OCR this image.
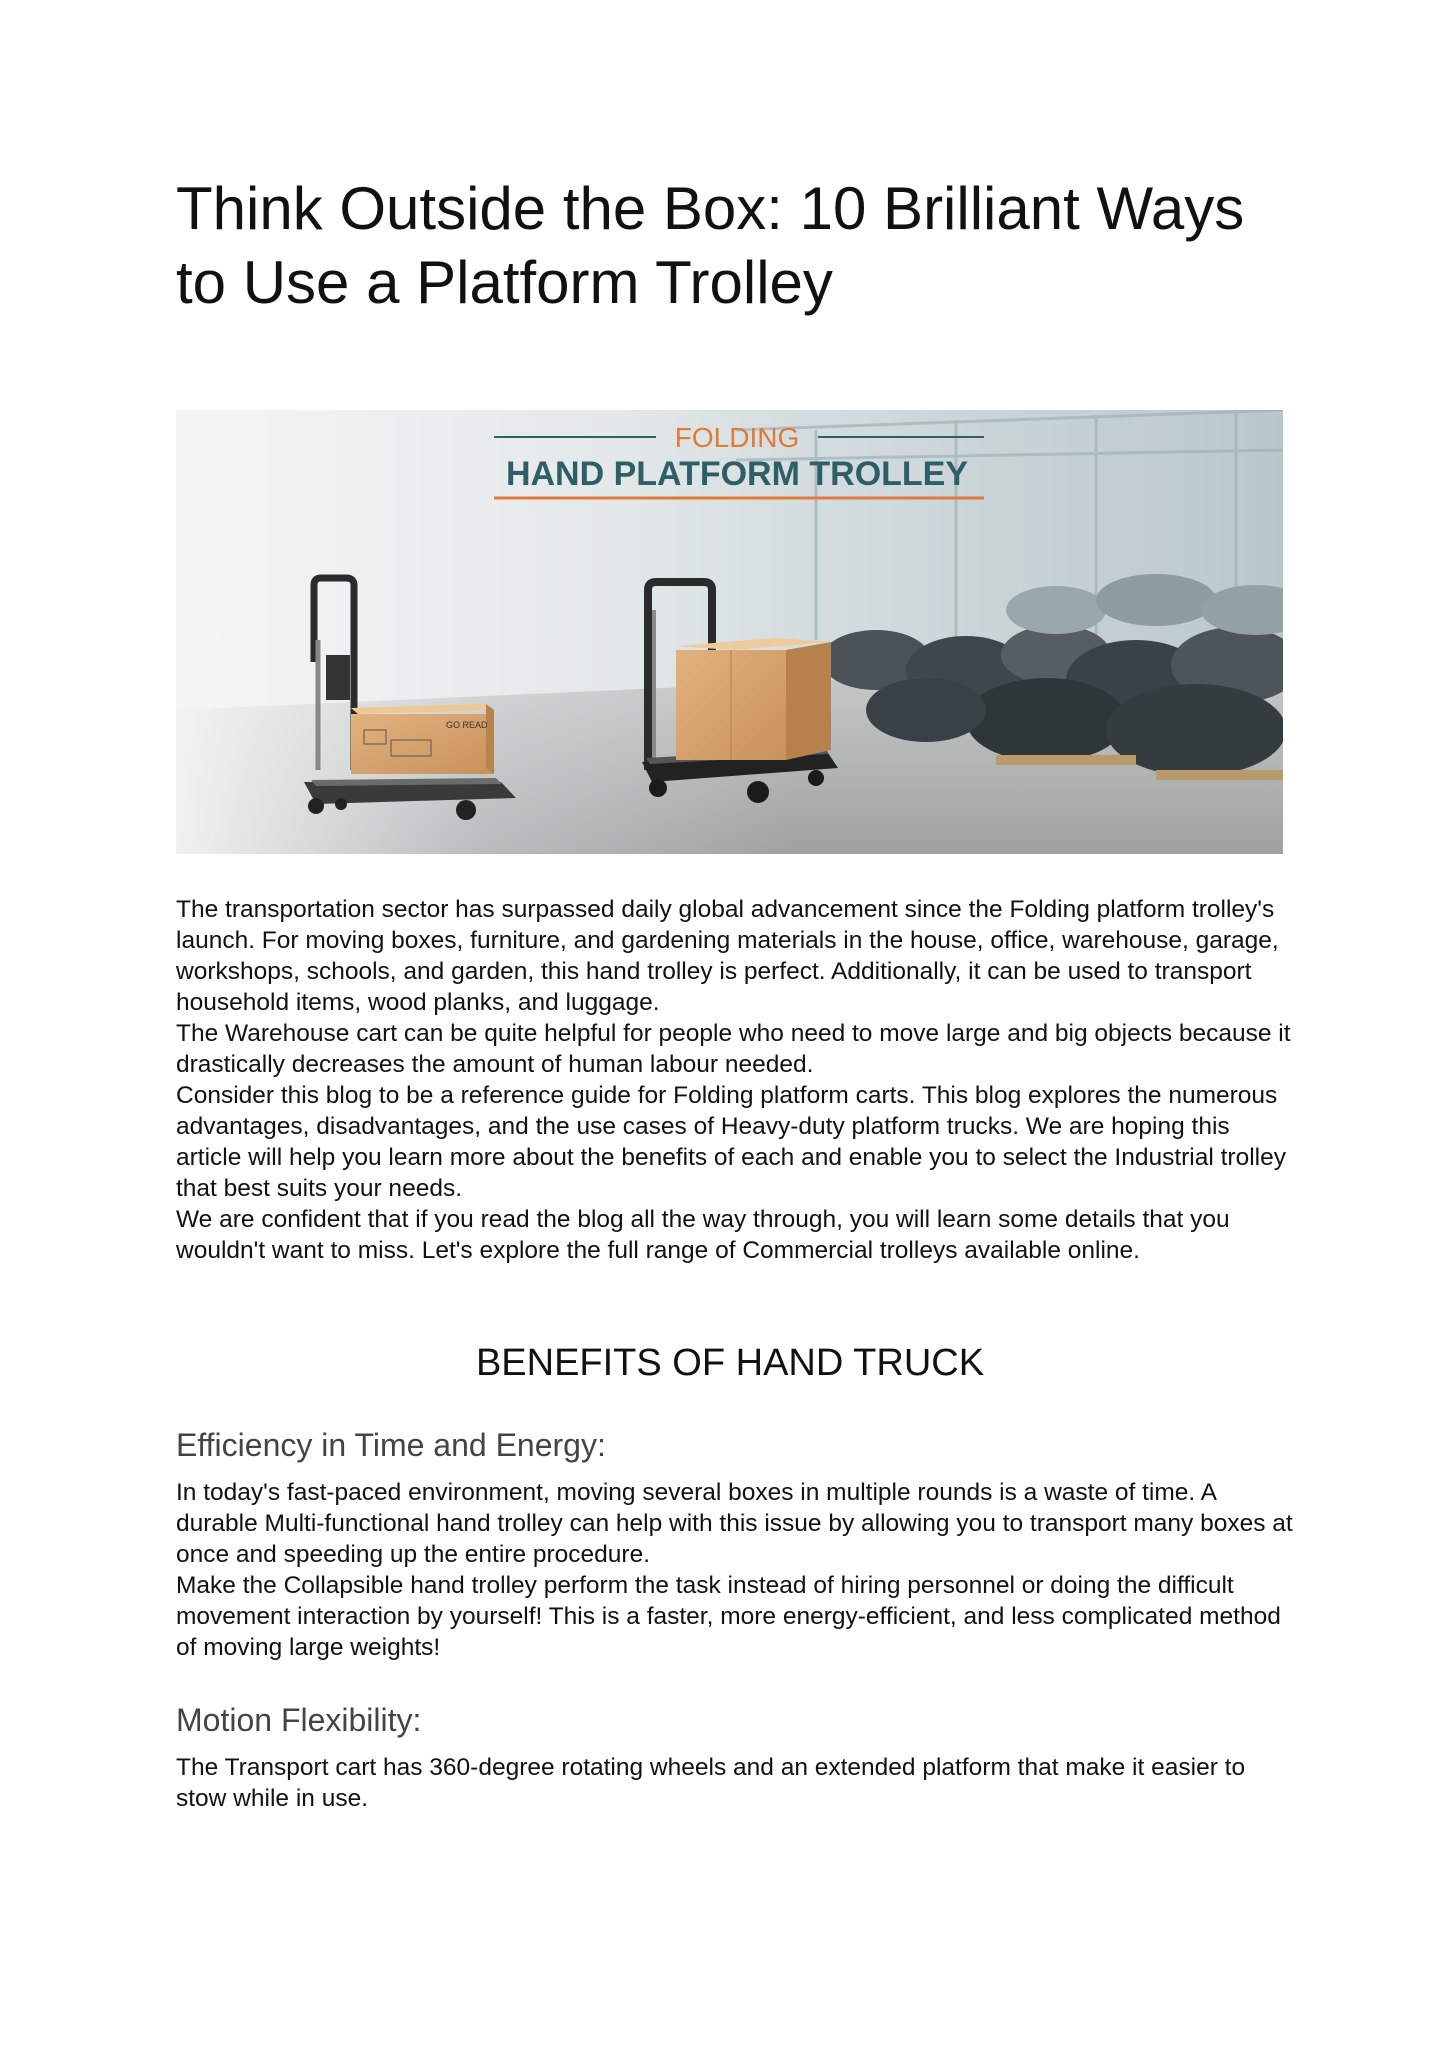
Think Outside the Box: 10 Brilliant Ways to Use a Platform Trolley
FOLDING
HAND PLATFORM TROLLEY
GO READ

The transportation sector has surpassed daily global advancement since the Folding platform trolley's launch. For moving boxes, furniture, and gardening materials in the house, office, warehouse, garage, workshops, schools, and garden, this hand trolley is perfect. Additionally, it can be used to transport household items, wood planks, and luggage.

The Warehouse cart can be quite helpful for people who need to move large and big objects because it drastically decreases the amount of human labour needed.

Consider this blog to be a reference guide for Folding platform carts. This blog explores the numerous advantages, disadvantages, and the use cases of Heavy-duty platform trucks. We are hoping this article will help you learn more about the benefits of each and enable you to select the Industrial trolley that best suits your needs.

We are confident that if you read the blog all the way through, you will learn some details that you wouldn't want to miss. Let's explore the full range of Commercial trolleys available online.

BENEFITS OF HAND TRUCK
Efficiency in Time and Energy:

In today's fast-paced environment, moving several boxes in multiple rounds is a waste of time. A durable Multi-functional hand trolley can help with this issue by allowing you to transport many boxes at once and speeding up the entire procedure.

Make the Collapsible hand trolley perform the task instead of hiring personnel or doing the difficult movement interaction by yourself! This is a faster, more energy-efficient, and less complicated method of moving large weights!

Motion Flexibility:

The Transport cart has 360-degree rotating wheels and an extended platform that make it easier to stow while in use.
